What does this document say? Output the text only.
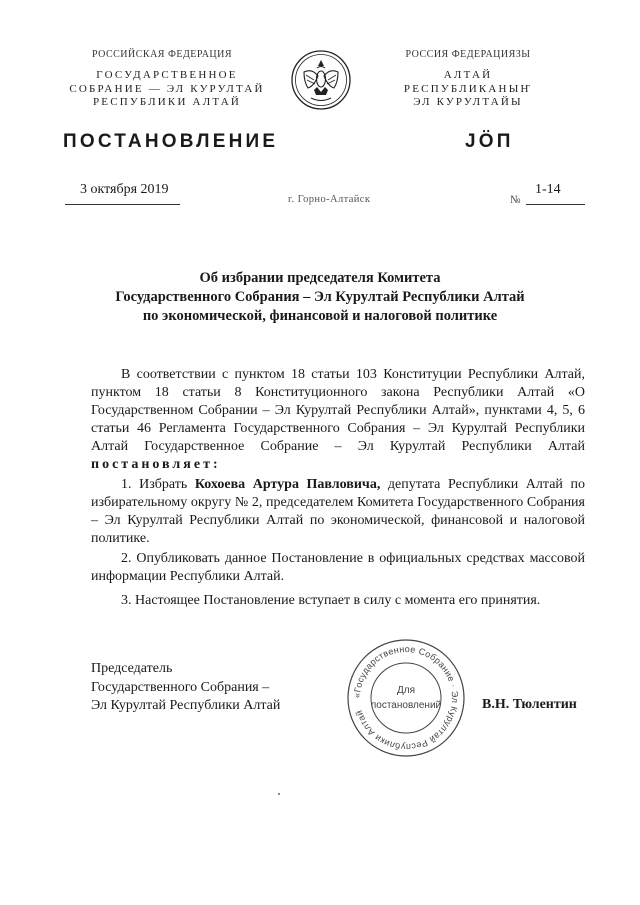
РОССИЙСКАЯ ФЕДЕРАЦИЯ
ГОСУДАРСТВЕННОЕ
СОБРАНИЕ — ЭЛ КУРУЛТАЙ
РЕСПУБЛИКИ АЛТАЙ
РОССИЯ ФЕДЕРАЦИЯЗЫ
АЛТАЙ РЕСПУБЛИКАНЫҤ
ЭЛ КУРУЛТАЙЫ
ПОСТАНОВЛЕНИЕ	JӦП
3 октября 2019
г. Горно-Алтайск	№
1-14
Об избрании председателя Комитета
Государственного Собрания – Эл Курултай Республики Алтай
по экономической, финансовой и налоговой политике
В соответствии с пунктом 18 статьи 103 Конституции Республики Алтай, пунктом 18 статьи 8 Конституционного закона Республики Алтай «О Государственном Собрании – Эл Курултай Республики Алтай», пунктами 4, 5, 6 статьи 46 Регламента Государственного Собрания – Эл Курултай Республики Алтай Государственное Собрание – Эл Курултай Республики Алтай постановляет:
1. Избрать Кохоева Артура Павловича, депутата Республики Алтай по избирательному округу № 2, председателем Комитета Государственного Собрания – Эл Курултай Республики Алтай по экономической, финансовой и налоговой политике.
2. Опубликовать данное Постановление в официальных средствах массовой информации Республики Алтай.
3. Настоящее Постановление вступает в силу с момента его принятия.
Председатель
Государственного Собрания –
Эл Курултай Республики Алтай
«Государственное Собрание · Эл Курултай Республики Алтай
Для
постановлений	В.Н. Тюлентин
